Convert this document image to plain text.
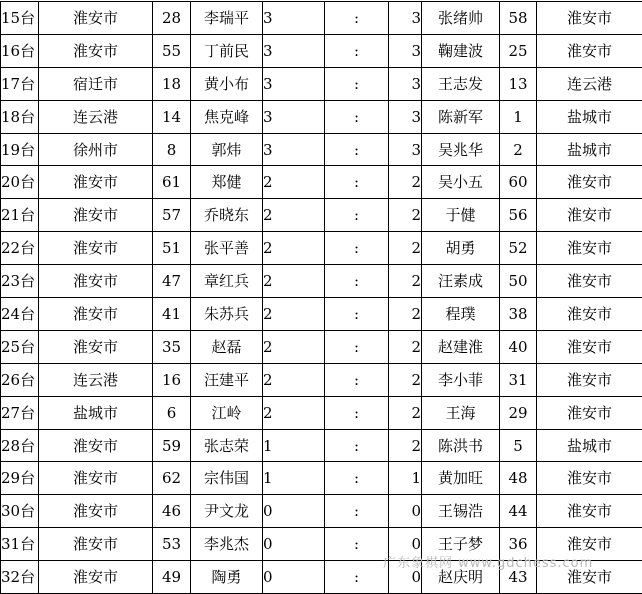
15台	淮安市	28	李瑞平	3	:	3	张绪帅	58	淮安市
16台	淮安市	55	丁前民	3	:	3	鞠建波	25	淮安市
17台	宿迁市	18	黄小布	3	:	3	王志发	13	连云港
18台	连云港	14	焦克峰	3	:	3	陈新军	1	盐城市
19台	徐州市	8	郭炜	3	:	3	吴兆华	2	盐城市
20台	淮安市	61	郑健	2	:	2	吴小五	60	淮安市
21台	淮安市	57	乔晓东	2	:	2	于健	56	淮安市
22台	淮安市	51	张平善	2	:	2	胡勇	52	淮安市
23台	淮安市	47	章红兵	2	:	2	汪素成	50	淮安市
24台	淮安市	41	朱苏兵	2	:	2	程璞	38	淮安市
25台	淮安市	35	赵磊	2	:	2	赵建淮	40	淮安市
26台	连云港	16	汪建平	2	:	2	李小菲	31	淮安市
27台	盐城市	6	江岭	2	:	2	王海	29	淮安市
28台	淮安市	59	张志荣	1	:	2	陈洪书	5	盐城市
29台	淮安市	62	宗伟国	1	:	1	黄加旺	48	淮安市
30台	淮安市	46	尹文龙	0	:	0	王锡浩	44	淮安市
31台	淮安市	53	李兆杰	0	:	0	王子梦	36	淮安市
32台	淮安市	49	陶勇	0	:	0	赵庆明	43	淮安市
广东象棋网 www.gdchess.com
